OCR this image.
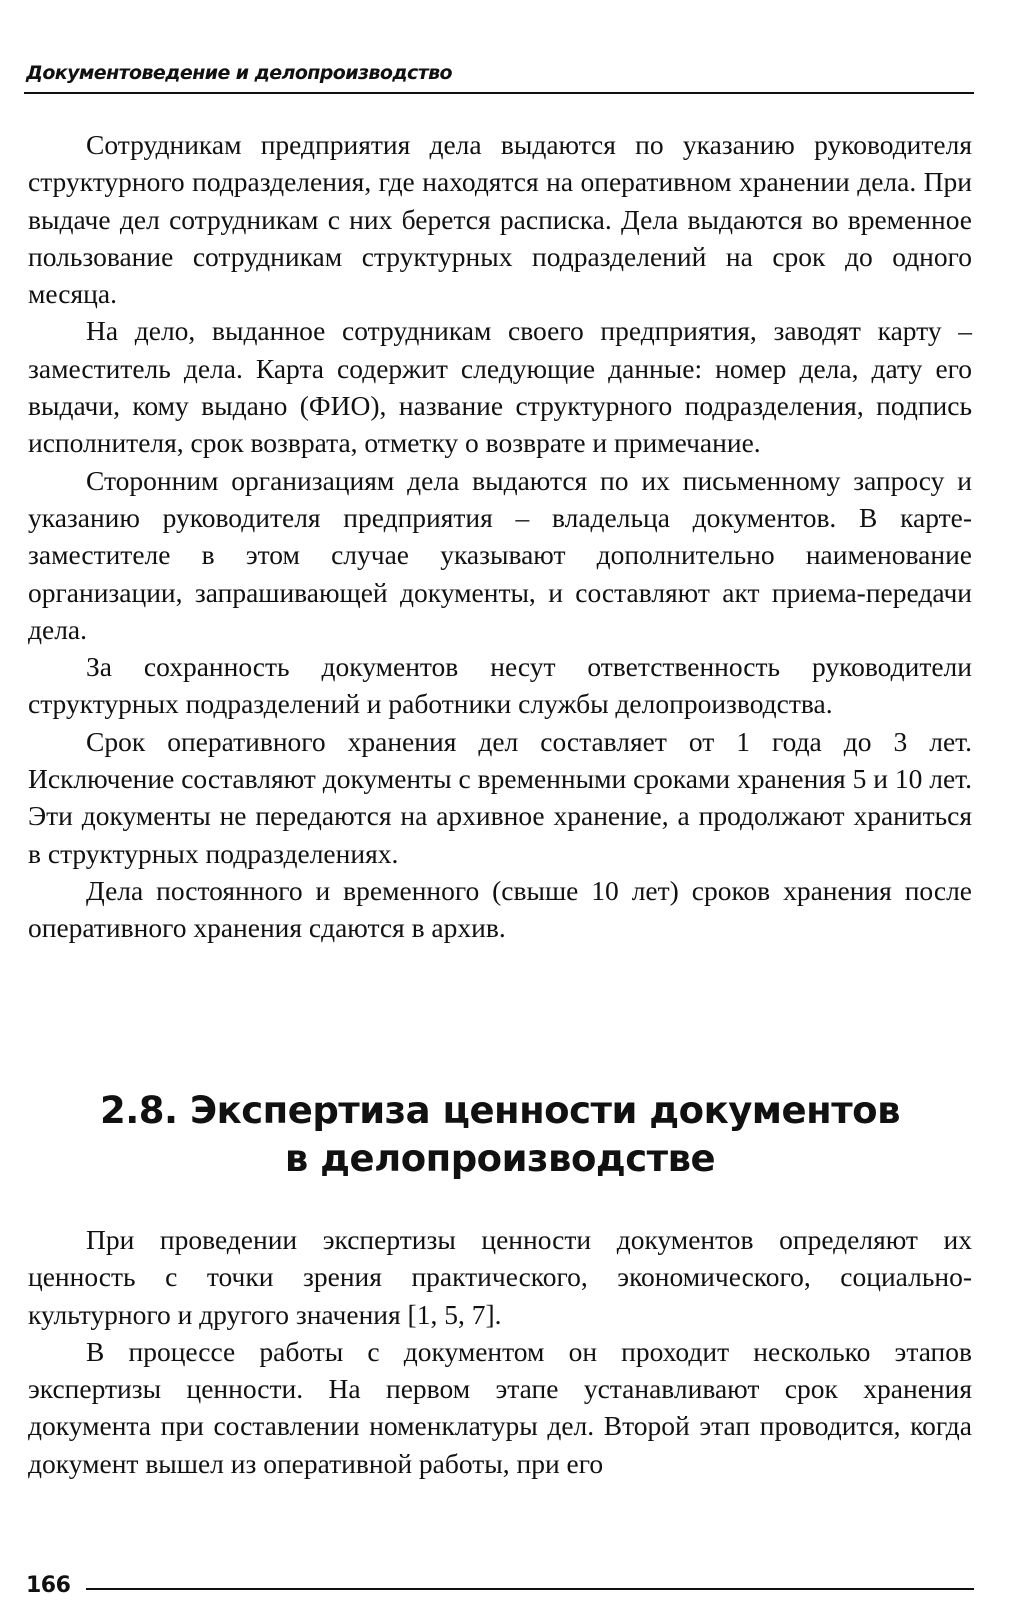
Документоведение и делопроизводство

Сотрудникам предприятия дела выдаются по указанию руководителя структурного подразделения, где находятся на оперативном хранении дела. При выдаче дел сотрудникам с них берется расписка. Дела выдаются во временное пользование сотрудникам структурных подразделений на срок до одного месяца.

На дело, выданное сотрудникам своего предприятия, заводят карту – заместитель дела. Карта содержит следующие данные: номер дела, дату его выдачи, кому выдано (ФИО), название структурного подразделения, подпись исполнителя, срок возврата, отметку о возврате и примечание.

Сторонним организациям дела выдаются по их письменному запросу и указанию руководителя предприятия – владельца документов. В карте-заместителе в этом случае указывают дополнительно наименование организации, запрашивающей документы, и составляют акт приема-передачи дела.

За сохранность документов несут ответственность руководители структурных подразделений и работники службы делопроизводства.

Срок оперативного хранения дел составляет от 1 года до 3 лет. Исключение составляют документы с временными сроками хранения 5 и 10 лет. Эти документы не передаются на архивное хранение, а продолжают храниться в структурных подразделениях.

Дела постоянного и временного (свыше 10 лет) сроков хранения после оперативного хранения сдаются в архив.

2.8. Экспертиза ценности документов
в делопроизводстве

При проведении экспертизы ценности документов определяют их ценность с точки зрения практического, экономического, социально-культурного и другого значения [1, 5, 7].

В процессе работы с документом он проходит несколько этапов экспертизы ценности. На первом этапе устанавливают срок хранения документа при составлении номенклатуры дел. Второй этап проводится, когда документ вышел из оперативной работы, при его

166
